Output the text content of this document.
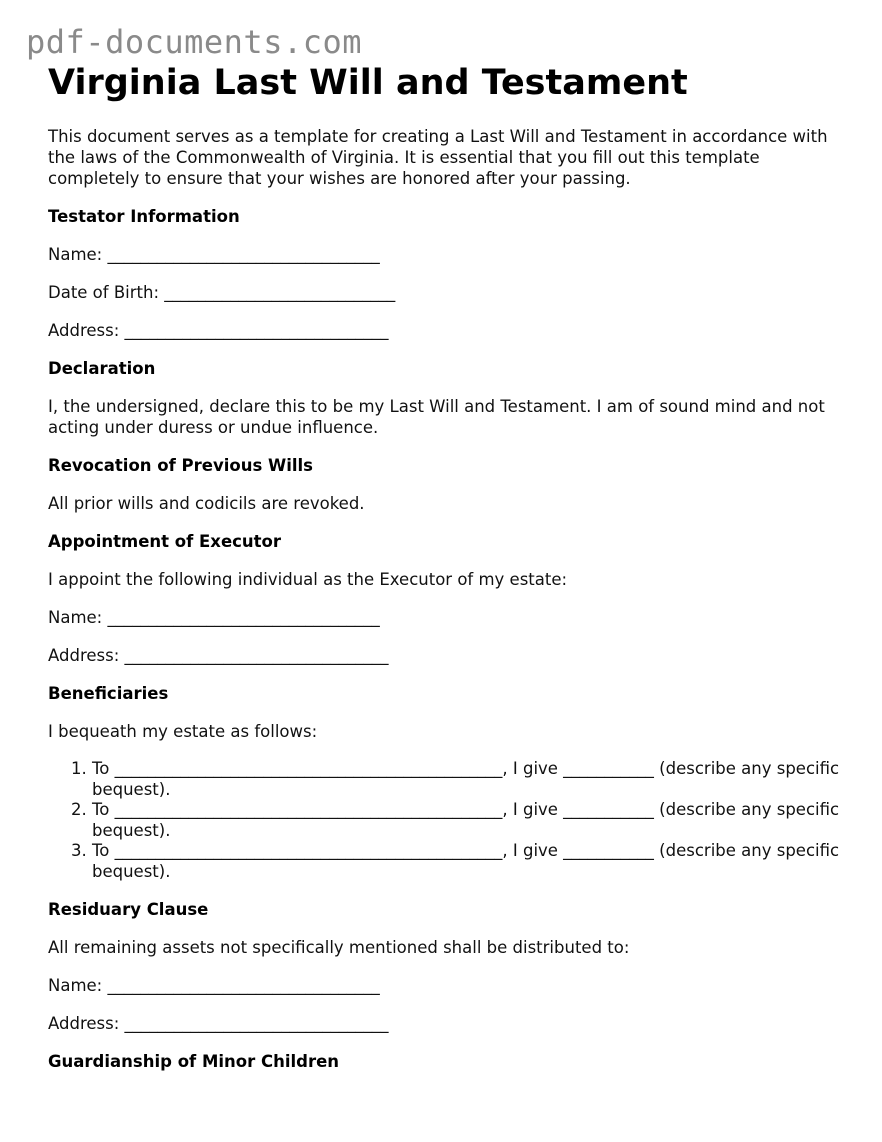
pdf-documents.com
Virginia Last Will and Testament

This document serves as a template for creating a Last Will and Testament in accordance with the laws of the Commonwealth of Virginia. It is essential that you fill out this template completely to ensure that your wishes are honored after your passing.

Testator Information

Name: _________________________________

Date of Birth: ____________________________

Address: ________________________________

Declaration

I, the undersigned, declare this to be my Last Will and Testament. I am of sound mind and not acting under duress or undue influence.

Revocation of Previous Wills

All prior wills and codicils are revoked.

Appointment of Executor

I appoint the following individual as the Executor of my estate:

Name: _________________________________

Address: ________________________________

Beneficiaries

I bequeath my estate as follows:

1. To _______________________________________________, I give ___________ (describe any specific bequest).
2. To _______________________________________________, I give ___________ (describe any specific bequest).
3. To _______________________________________________, I give ___________ (describe any specific bequest).
Residuary Clause

All remaining assets not specifically mentioned shall be distributed to:

Name: _________________________________

Address: ________________________________

Guardianship of Minor Children
